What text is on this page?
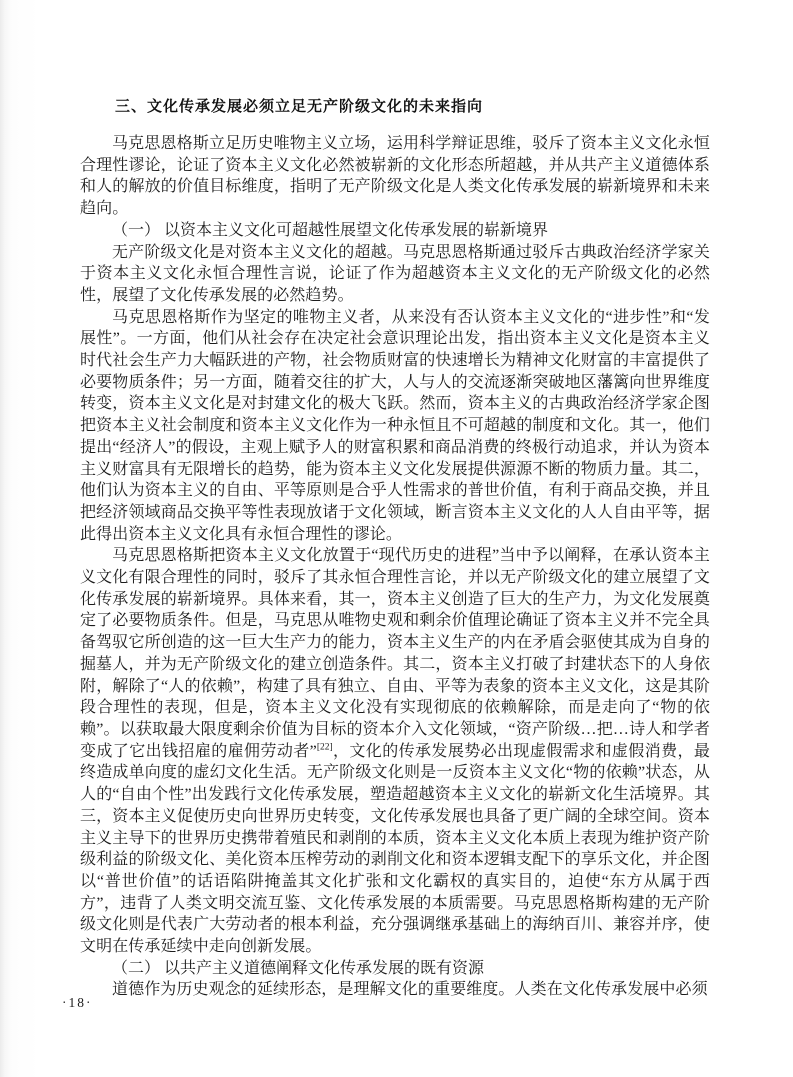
三、文化传承发展必须立足无产阶级文化的未来指向

马克思恩格斯立足历史唯物主义立场，运用科学辩证思维，驳斥了资本主义文化永恒合理性谬论，论证了资本主义文化必然被崭新的文化形态所超越，并从共产主义道德体系和人的解放的价值目标维度，指明了无产阶级文化是人类文化传承发展的崭新境界和未来趋向。

（一） 以资本主义文化可超越性展望文化传承发展的崭新境界

无产阶级文化是对资本主义文化的超越。马克思恩格斯通过驳斥古典政治经济学家关于资本主义文化永恒合理性言说，论证了作为超越资本主义文化的无产阶级文化的必然性，展望了文化传承发展的必然趋势。

马克思恩格斯作为坚定的唯物主义者，从来没有否认资本主义文化的“进步性”和“发展性”。一方面，他们从社会存在决定社会意识理论出发，指出资本主义文化是资本主义时代社会生产力大幅跃进的产物，社会物质财富的快速增长为精神文化财富的丰富提供了必要物质条件；另一方面，随着交往的扩大，人与人的交流逐渐突破地区藩篱向世界维度转变，资本主义文化是对封建文化的极大飞跃。然而，资本主义的古典政治经济学家企图把资本主义社会制度和资本主义文化作为一种永恒且不可超越的制度和文化。其一，他们提出“经济人”的假设，主观上赋予人的财富积累和商品消费的终极行动追求，并认为资本主义财富具有无限增长的趋势，能为资本主义文化发展提供源源不断的物质力量。其二，他们认为资本主义的自由、平等原则是合乎人性需求的普世价值，有利于商品交换，并且把经济领域商品交换平等性表现放诸于文化领域，断言资本主义文化的人人自由平等，据此得出资本主义文化具有永恒合理性的谬论。

马克思恩格斯把资本主义文化放置于“现代历史的进程”当中予以阐释，在承认资本主义文化有限合理性的同时，驳斥了其永恒合理性言论，并以无产阶级文化的建立展望了文化传承发展的崭新境界。具体来看，其一，资本主义创造了巨大的生产力，为文化发展奠定了必要物质条件。但是，马克思从唯物史观和剩余价值理论确证了资本主义并不完全具备驾驭它所创造的这一巨大生产力的能力，资本主义生产的内在矛盾会驱使其成为自身的掘墓人，并为无产阶级文化的建立创造条件。其二，资本主义打破了封建状态下的人身依附，解除了“人的依赖”，构建了具有独立、自由、平等为表象的资本主义文化，这是其阶段合理性的表现，但是，资本主义文化没有实现彻底的依赖解除，而是走向了“物的依赖”。以获取最大限度剩余价值为目标的资本介入文化领域，“资产阶级…把…诗人和学者变成了它出钱招雇的雇佣劳动者”[22]，文化的传承发展势必出现虚假需求和虚假消费，最终造成单向度的虚幻文化生活。无产阶级文化则是一反资本主义文化“物的依赖”状态，从人的“自由个性”出发践行文化传承发展，塑造超越资本主义文化的崭新文化生活境界。其三，资本主义促使历史向世界历史转变，文化传承发展也具备了更广阔的全球空间。资本主义主导下的世界历史携带着殖民和剥削的本质，资本主义文化本质上表现为维护资产阶级利益的阶级文化、美化资本压榨劳动的剥削文化和资本逻辑支配下的享乐文化，并企图以“普世价值”的话语陷阱掩盖其文化扩张和文化霸权的真实目的，迫使“东方从属于西方”，违背了人类文明交流互鉴、文化传承发展的本质需要。马克思恩格斯构建的无产阶级文化则是代表广大劳动者的根本利益，充分强调继承基础上的海纳百川、兼容并序，使文明在传承延续中走向创新发展。

（二） 以共产主义道德阐释文化传承发展的既有资源

道德作为历史观念的延续形态，是理解文化的重要维度。人类在文化传承发展中必须

·18·
